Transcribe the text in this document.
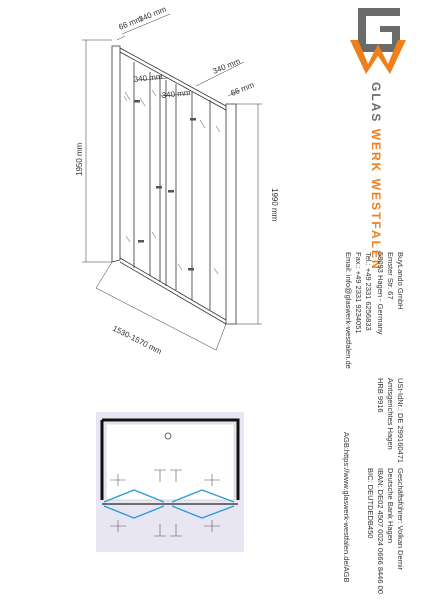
340 mm
66 mm
340 mm
340 mm
340 mm
66 mm
1950 mm
1990 mm
1530-1570 mm
GLAS WERK WESTFALEN
BuyLando GmbH
Emster Str. 67
58093 Hagen - Germany
Tel.: +49 2331 6256833
Fax.: +49 2331 9234051
Email: info@glaswerk-westfalen.de
USt-IdNr.: DE 299160471
Amtsgerichtes Hagen
HRB 9916
Geschäftsführer: Volkan Demir
Deutsche Bank Hagen
IBAN: DE02 4507 0024 0666 8446 00
BIC: DEUTDEDB450
AGB:https://www.glaswerk-westfalen.de/AGB
